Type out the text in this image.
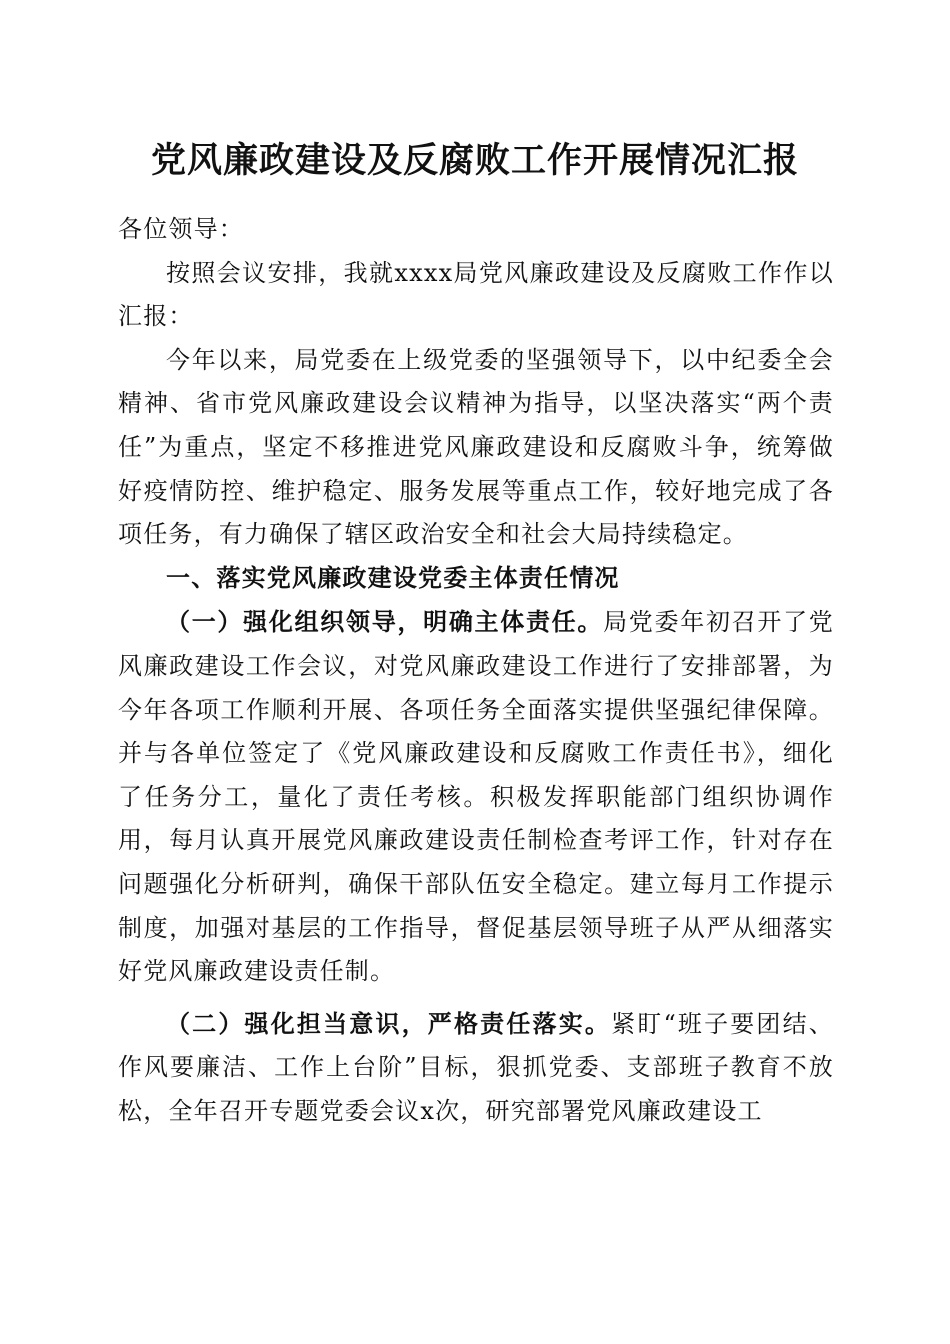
党风廉政建设及反腐败工作开展情况汇报

各位领导：

按照会议安排，我就xxxx局党风廉政建设及反腐败工作作以汇报：

今年以来，局党委在上级党委的坚强领导下，以中纪委全会精神、省市党风廉政建设会议精神为指导，以坚决落实“两个责任”为重点，坚定不移推进党风廉政建设和反腐败斗争，统筹做好疫情防控、维护稳定、服务发展等重点工作，较好地完成了各项任务，有力确保了辖区政治安全和社会大局持续稳定。

一、落实党风廉政建设党委主体责任情况

（一）强化组织领导，明确主体责任。局党委年初召开了党风廉政建设工作会议，对党风廉政建设工作进行了安排部署，为今年各项工作顺利开展、各项任务全面落实提供坚强纪律保障。并与各单位签定了《党风廉政建设和反腐败工作责任书》，细化了任务分工，量化了责任考核。积极发挥职能部门组织协调作用，每月认真开展党风廉政建设责任制检查考评工作，针对存在问题强化分析研判，确保干部队伍安全稳定。建立每月工作提示制度，加强对基层的工作指导，督促基层领导班子从严从细落实好党风廉政建设责任制。

（二）强化担当意识，严格责任落实。紧盯“班子要团结、作风要廉洁、工作上台阶”目标，狠抓党委、支部班子教育不放松，全年召开专题党委会议x次，研究部署党风廉政建设工
